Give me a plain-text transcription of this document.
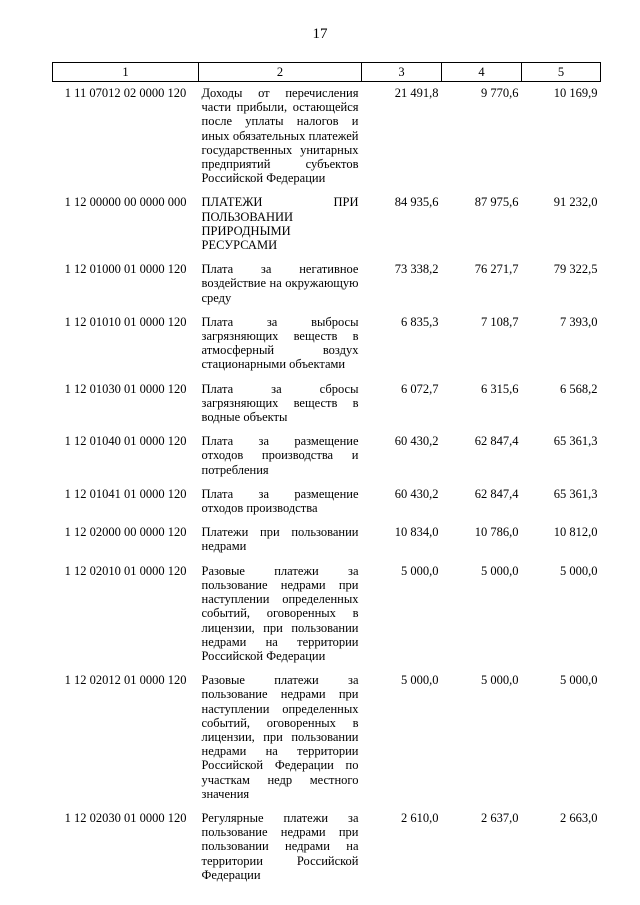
17
1	2	3	4	5
1 11 07012 02 0000 120	Доходы от перечисления части прибыли, остающейся после уплаты налогов и иных обязательных платежей государственных унитарных предприятий субъектов Российской Федерации	21 491,8	9 770,6	10 169,9
1 12 00000 00 0000 000	ПЛАТЕЖИ ПРИ ПОЛЬЗОВАНИИ ПРИРОДНЫМИ РЕСУРСАМИ	84 935,6	87 975,6	91 232,0
1 12 01000 01 0000 120	Плата за негативное воздействие на окружающую среду	73 338,2	76 271,7	79 322,5
1 12 01010 01 0000 120	Плата за выбросы загрязняющих веществ в атмосферный воздух стационарными объектами	6 835,3	7 108,7	7 393,0
1 12 01030 01 0000 120	Плата за сбросы загрязняющих веществ в водные объекты	6 072,7	6 315,6	6 568,2
1 12 01040 01 0000 120	Плата за размещение отходов производства и потребления	60 430,2	62 847,4	65 361,3
1 12 01041 01 0000 120	Плата за размещение отходов производства	60 430,2	62 847,4	65 361,3
1 12 02000 00 0000 120	Платежи при пользовании недрами	10 834,0	10 786,0	10 812,0
1 12 02010 01 0000 120	Разовые платежи за пользование недрами при наступлении определенных событий, оговоренных в лицензии, при пользовании недрами на территории Российской Федерации	5 000,0	5 000,0	5 000,0
1 12 02012 01 0000 120	Разовые платежи за пользование недрами при наступлении определенных событий, оговоренных в лицензии, при пользовании недрами на территории Российской Федерации по участкам недр местного значения	5 000,0	5 000,0	5 000,0
1 12 02030 01 0000 120	Регулярные платежи за пользование недрами при пользовании недрами на территории Российской Федерации	2 610,0	2 637,0	2 663,0
